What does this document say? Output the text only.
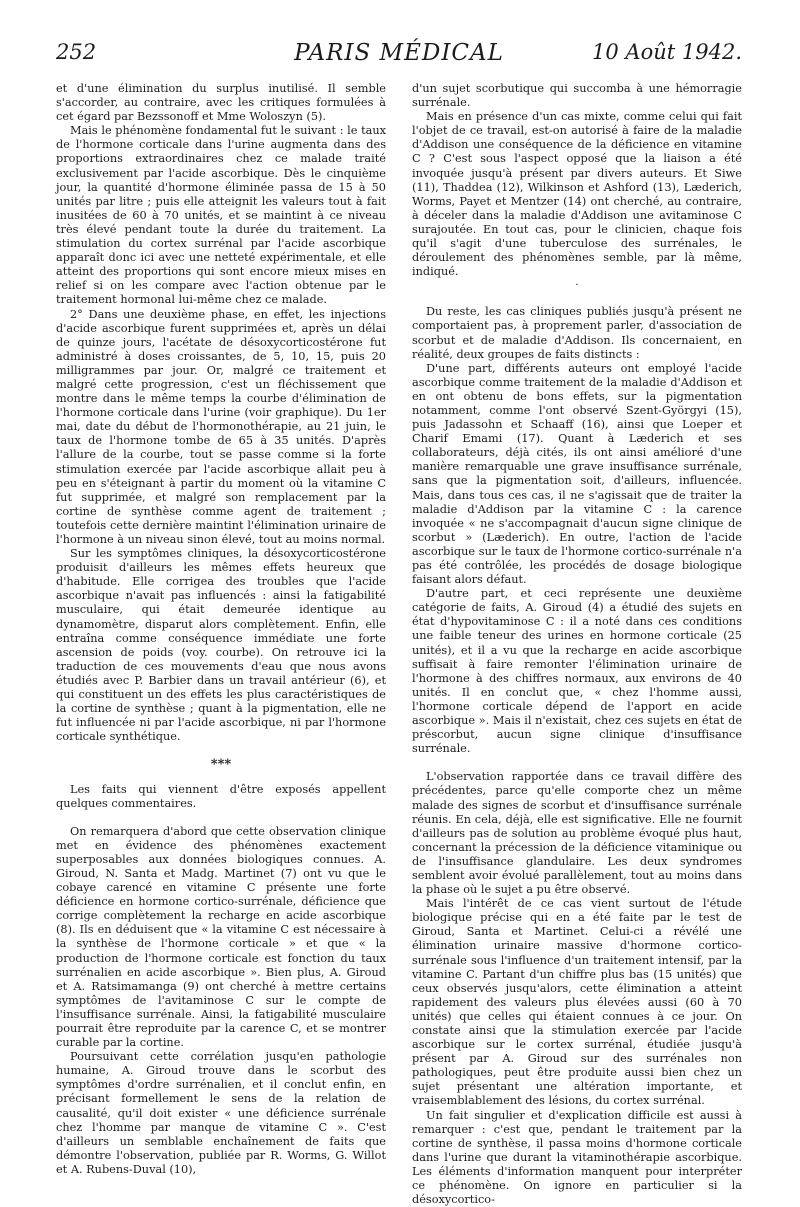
252	PARIS MÉDICAL	10 Août 1942.

et d'une élimination du surplus inutilisé. Il semble s'accorder, au contraire, avec les critiques formulées à cet égard par Bezssonoff et Mme Woloszyn (5).

Mais le phénomène fondamental fut le suivant : le taux de l'hormone corticale dans l'urine augmenta dans des proportions extraordinaires chez ce malade traité exclusivement par l'acide ascorbique. Dès le cinquième jour, la quantité d'hormone éliminée passa de 15 à 50 unités par litre ; puis elle atteignit les valeurs tout à fait inusitées de 60 à 70 unités, et se maintint à ce niveau très élevé pendant toute la durée du traitement. La stimulation du cortex surrénal par l'acide ascorbique apparaît donc ici avec une netteté expérimentale, et elle atteint des proportions qui sont encore mieux mises en relief si on les compare avec l'action obtenue par le traitement hormonal lui-même chez ce malade.

2° Dans une deuxième phase, en effet, les injections d'acide ascorbique furent supprimées et, après un délai de quinze jours, l'acétate de désoxycorticostérone fut administré à doses croissantes, de 5, 10, 15, puis 20 milligrammes par jour. Or, malgré ce traitement et malgré cette progression, c'est un fléchissement que montre dans le même temps la courbe d'élimination de l'hormone corticale dans l'urine (voir graphique). Du 1er mai, date du début de l'hormonothérapie, au 21 juin, le taux de l'hormone tombe de 65 à 35 unités. D'après l'allure de la courbe, tout se passe comme si la forte stimulation exercée par l'acide ascorbique allait peu à peu en s'éteignant à partir du moment où la vitamine C fut supprimée, et malgré son remplacement par la cortine de synthèse comme agent de traitement ; toutefois cette dernière maintint l'élimination urinaire de l'hormone à un niveau sinon élevé, tout au moins normal.

Sur les symptômes cliniques, la désoxycorticostérone produisit d'ailleurs les mêmes effets heureux que d'habitude. Elle corrigea des troubles que l'acide ascorbique n'avait pas influencés : ainsi la fatigabilité musculaire, qui était demeurée identique au dynamomètre, disparut alors complètement. Enfin, elle entraîna comme conséquence immédiate une forte ascension de poids (voy. courbe). On retrouve ici la traduction de ces mouvements d'eau que nous avons étudiés avec P. Barbier dans un travail antérieur (6), et qui constituent un des effets les plus caractéristiques de la cortine de synthèse ; quant à la pigmentation, elle ne fut influencée ni par l'acide ascorbique, ni par l'hormone corticale synthétique.

***

Les faits qui viennent d'être exposés appellent quelques commentaires.

On remarquera d'abord que cette observation clinique met en évidence des phénomènes exactement superposables aux données biologiques connues. A. Giroud, N. Santa et Madg. Martinet (7) ont vu que le cobaye carencé en vitamine C présente une forte déficience en hormone cortico-surrénale, déficience que corrige complètement la recharge en acide ascorbique (8). Ils en déduisent que « la vitamine C est nécessaire à la synthèse de l'hormone corticale » et que « la production de l'hormone corticale est fonction du taux surrénalien en acide ascorbique ». Bien plus, A. Giroud et A. Ratsimamanga (9) ont cherché à mettre certains symptômes de l'avitaminose C sur le compte de l'insuffisance surrénale. Ainsi, la fatigabilité musculaire pourrait être reproduite par la carence C, et se montrer curable par la cortine.

Poursuivant cette corrélation jusqu'en pathologie humaine, A. Giroud trouve dans le scorbut des symptômes d'ordre surrénalien, et il conclut enfin, en précisant formellement le sens de la relation de causalité, qu'il doit exister « une déficience surrénale chez l'homme par manque de vitamine C ». C'est d'ailleurs un semblable enchaînement de faits que démontre l'observation, publiée par R. Worms, G. Willot et A. Rubens-Duval (10),

d'un sujet scorbutique qui succomba à une hémorragie surrénale.

Mais en présence d'un cas mixte, comme celui qui fait l'objet de ce travail, est-on autorisé à faire de la maladie d'Addison une conséquence de la déficience en vitamine C ? C'est sous l'aspect opposé que la liaison a été invoquée jusqu'à présent par divers auteurs. Et Siwe (11), Thaddea (12), Wilkinson et Ashford (13), Læderich, Worms, Payet et Mentzer (14) ont cherché, au contraire, à déceler dans la maladie d'Addison une avitaminose C surajoutée. En tout cas, pour le clinicien, chaque fois qu'il s'agit d'une tuberculose des surrénales, le déroulement des phénomènes semble, par là même, indiqué.

·

Du reste, les cas cliniques publiés jusqu'à présent ne comportaient pas, à proprement parler, d'association de scorbut et de maladie d'Addison. Ils concernaient, en réalité, deux groupes de faits distincts :

D'une part, différents auteurs ont employé l'acide ascorbique comme traitement de la maladie d'Addison et en ont obtenu de bons effets, sur la pigmentation notamment, comme l'ont observé Szent-Györgyi (15), puis Jadassohn et Schaaff (16), ainsi que Loeper et Charif Emami (17). Quant à Læderich et ses collaborateurs, déjà cités, ils ont ainsi amélioré d'une manière remarquable une grave insuffisance surrénale, sans que la pigmentation soit, d'ailleurs, influencée. Mais, dans tous ces cas, il ne s'agissait que de traiter la maladie d'Addison par la vitamine C : la carence invoquée « ne s'accompagnait d'aucun signe clinique de scorbut » (Læderich). En outre, l'action de l'acide ascorbique sur le taux de l'hormone cortico-surrénale n'a pas été contrôlée, les procédés de dosage biologique faisant alors défaut.

D'autre part, et ceci représente une deuxième catégorie de faits, A. Giroud (4) a étudié des sujets en état d'hypovitaminose C : il a noté dans ces conditions une faible teneur des urines en hormone corticale (25 unités), et il a vu que la recharge en acide ascorbique suffisait à faire remonter l'élimination urinaire de l'hormone à des chiffres normaux, aux environs de 40 unités. Il en conclut que, « chez l'homme aussi, l'hormone corticale dépend de l'apport en acide ascorbique ». Mais il n'existait, chez ces sujets en état de préscorbut, aucun signe clinique d'insuffisance surrénale.

L'observation rapportée dans ce travail diffère des précédentes, parce qu'elle comporte chez un même malade des signes de scorbut et d'insuffisance surrénale réunis. En cela, déjà, elle est significative. Elle ne fournit d'ailleurs pas de solution au problème évoqué plus haut, concernant la précession de la déficience vitaminique ou de l'insuffisance glandulaire. Les deux syndromes semblent avoir évolué parallèlement, tout au moins dans la phase où le sujet a pu être observé.

Mais l'intérêt de ce cas vient surtout de l'étude biologique précise qui en a été faite par le test de Giroud, Santa et Martinet. Celui-ci a révélé une élimination urinaire massive d'hormone cortico-surrénale sous l'influence d'un traitement intensif, par la vitamine C. Partant d'un chiffre plus bas (15 unités) que ceux observés jusqu'alors, cette élimination a atteint rapidement des valeurs plus élevées aussi (60 à 70 unités) que celles qui étaient connues à ce jour. On constate ainsi que la stimulation exercée par l'acide ascorbique sur le cortex surrénal, étudiée jusqu'à présent par A. Giroud sur des surrénales non pathologiques, peut être produite aussi bien chez un sujet présentant une altération importante, et vraisemblablement des lésions, du cortex surrénal.

Un fait singulier et d'explication difficile est aussi à remarquer : c'est que, pendant le traitement par la cortine de synthèse, il passa moins d'hormone corticale dans l'urine que durant la vitaminothérapie ascorbique. Les éléments d'information manquent pour interpréter ce phénomène. On ignore en particulier si la désoxycortico-
